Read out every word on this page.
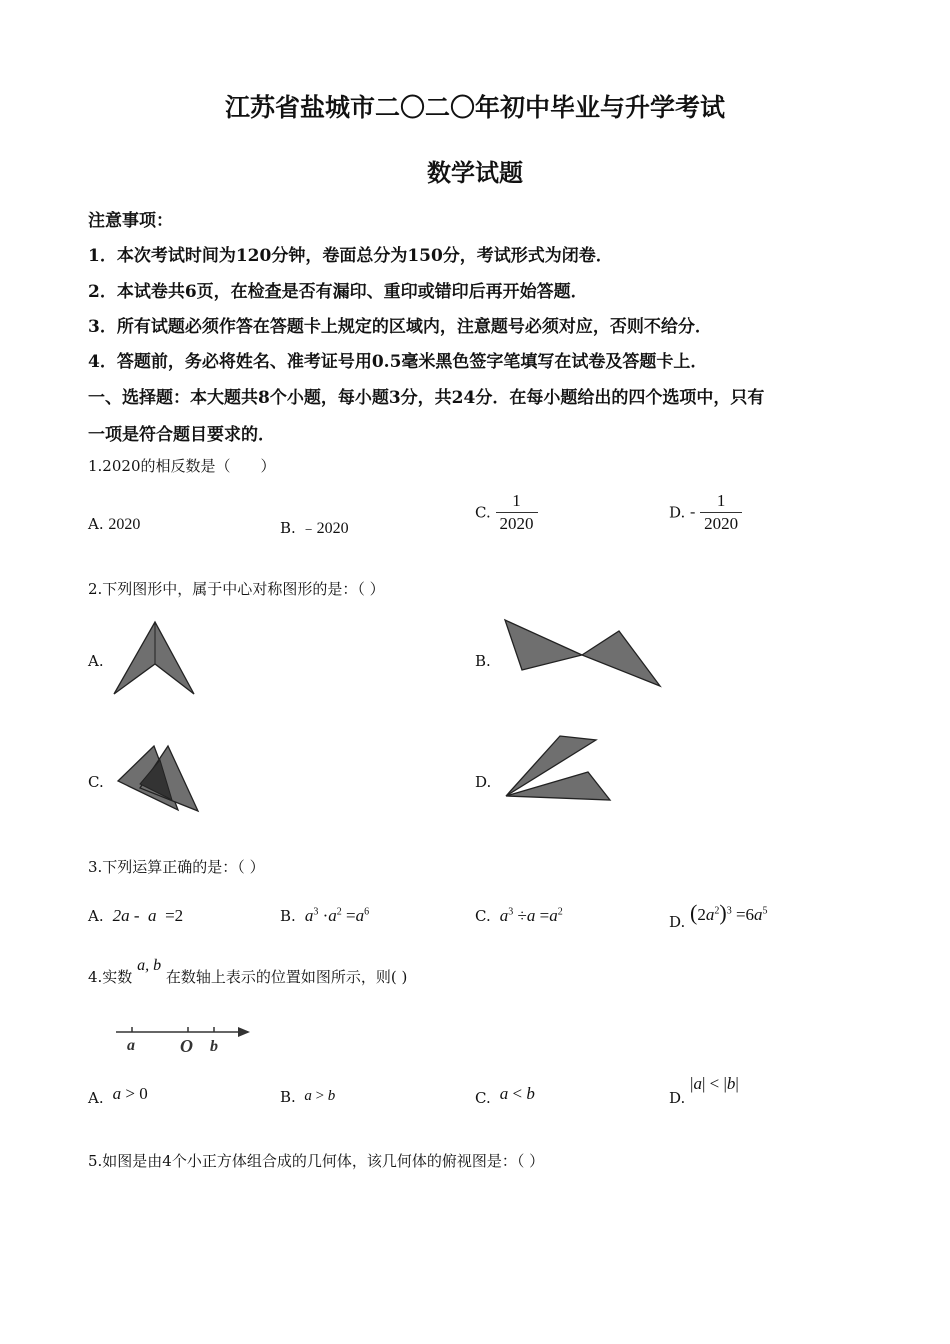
江苏省盐城市二〇二〇年初中毕业与升学考试
数学试题
注意事项：
1．本次考试时间为120分钟，卷面总分为150分，考试形式为闭卷．
2．本试卷共6页，在检查是否有漏印、重印或错印后再开始答题．
3．所有试题必须作答在答题卡上规定的区域内，注意题号必须对应，否则不给分．
4．答题前，务必将姓名、准考证号用0.5毫米黑色签字笔填写在试卷及答题卡上．
一、选择题：本大题共8个小题，每小题3分，共24分．在每小题给出的四个选项中，只有
一项是符合题目要求的．
1.2020的相反数是（　　）
A. 2020	B. ﹣2020
C. $\frac{1}{2020}$	D. - $\frac{1}{2020}$
2.下列图形中，属于中心对称图形的是：（ ）
A.	B.
C.	D.
3.下列运算正确的是：（ ）
A.  2a ‑  a  =2	B.  $a^3 \cdot a^2 =a^6$	C.  $a^3 \div a =a^2$
D. $(2a^2)^3 =6a^5$
4.实数 a, b 在数轴上表示的位置如图所示，则( )
a	O b
A.  a > 0	B.  a > b	C.  a < b	D. |a| < |b|
5.如图是由4个小正方体组合成的几何体，该几何体的俯视图是：（ ）
